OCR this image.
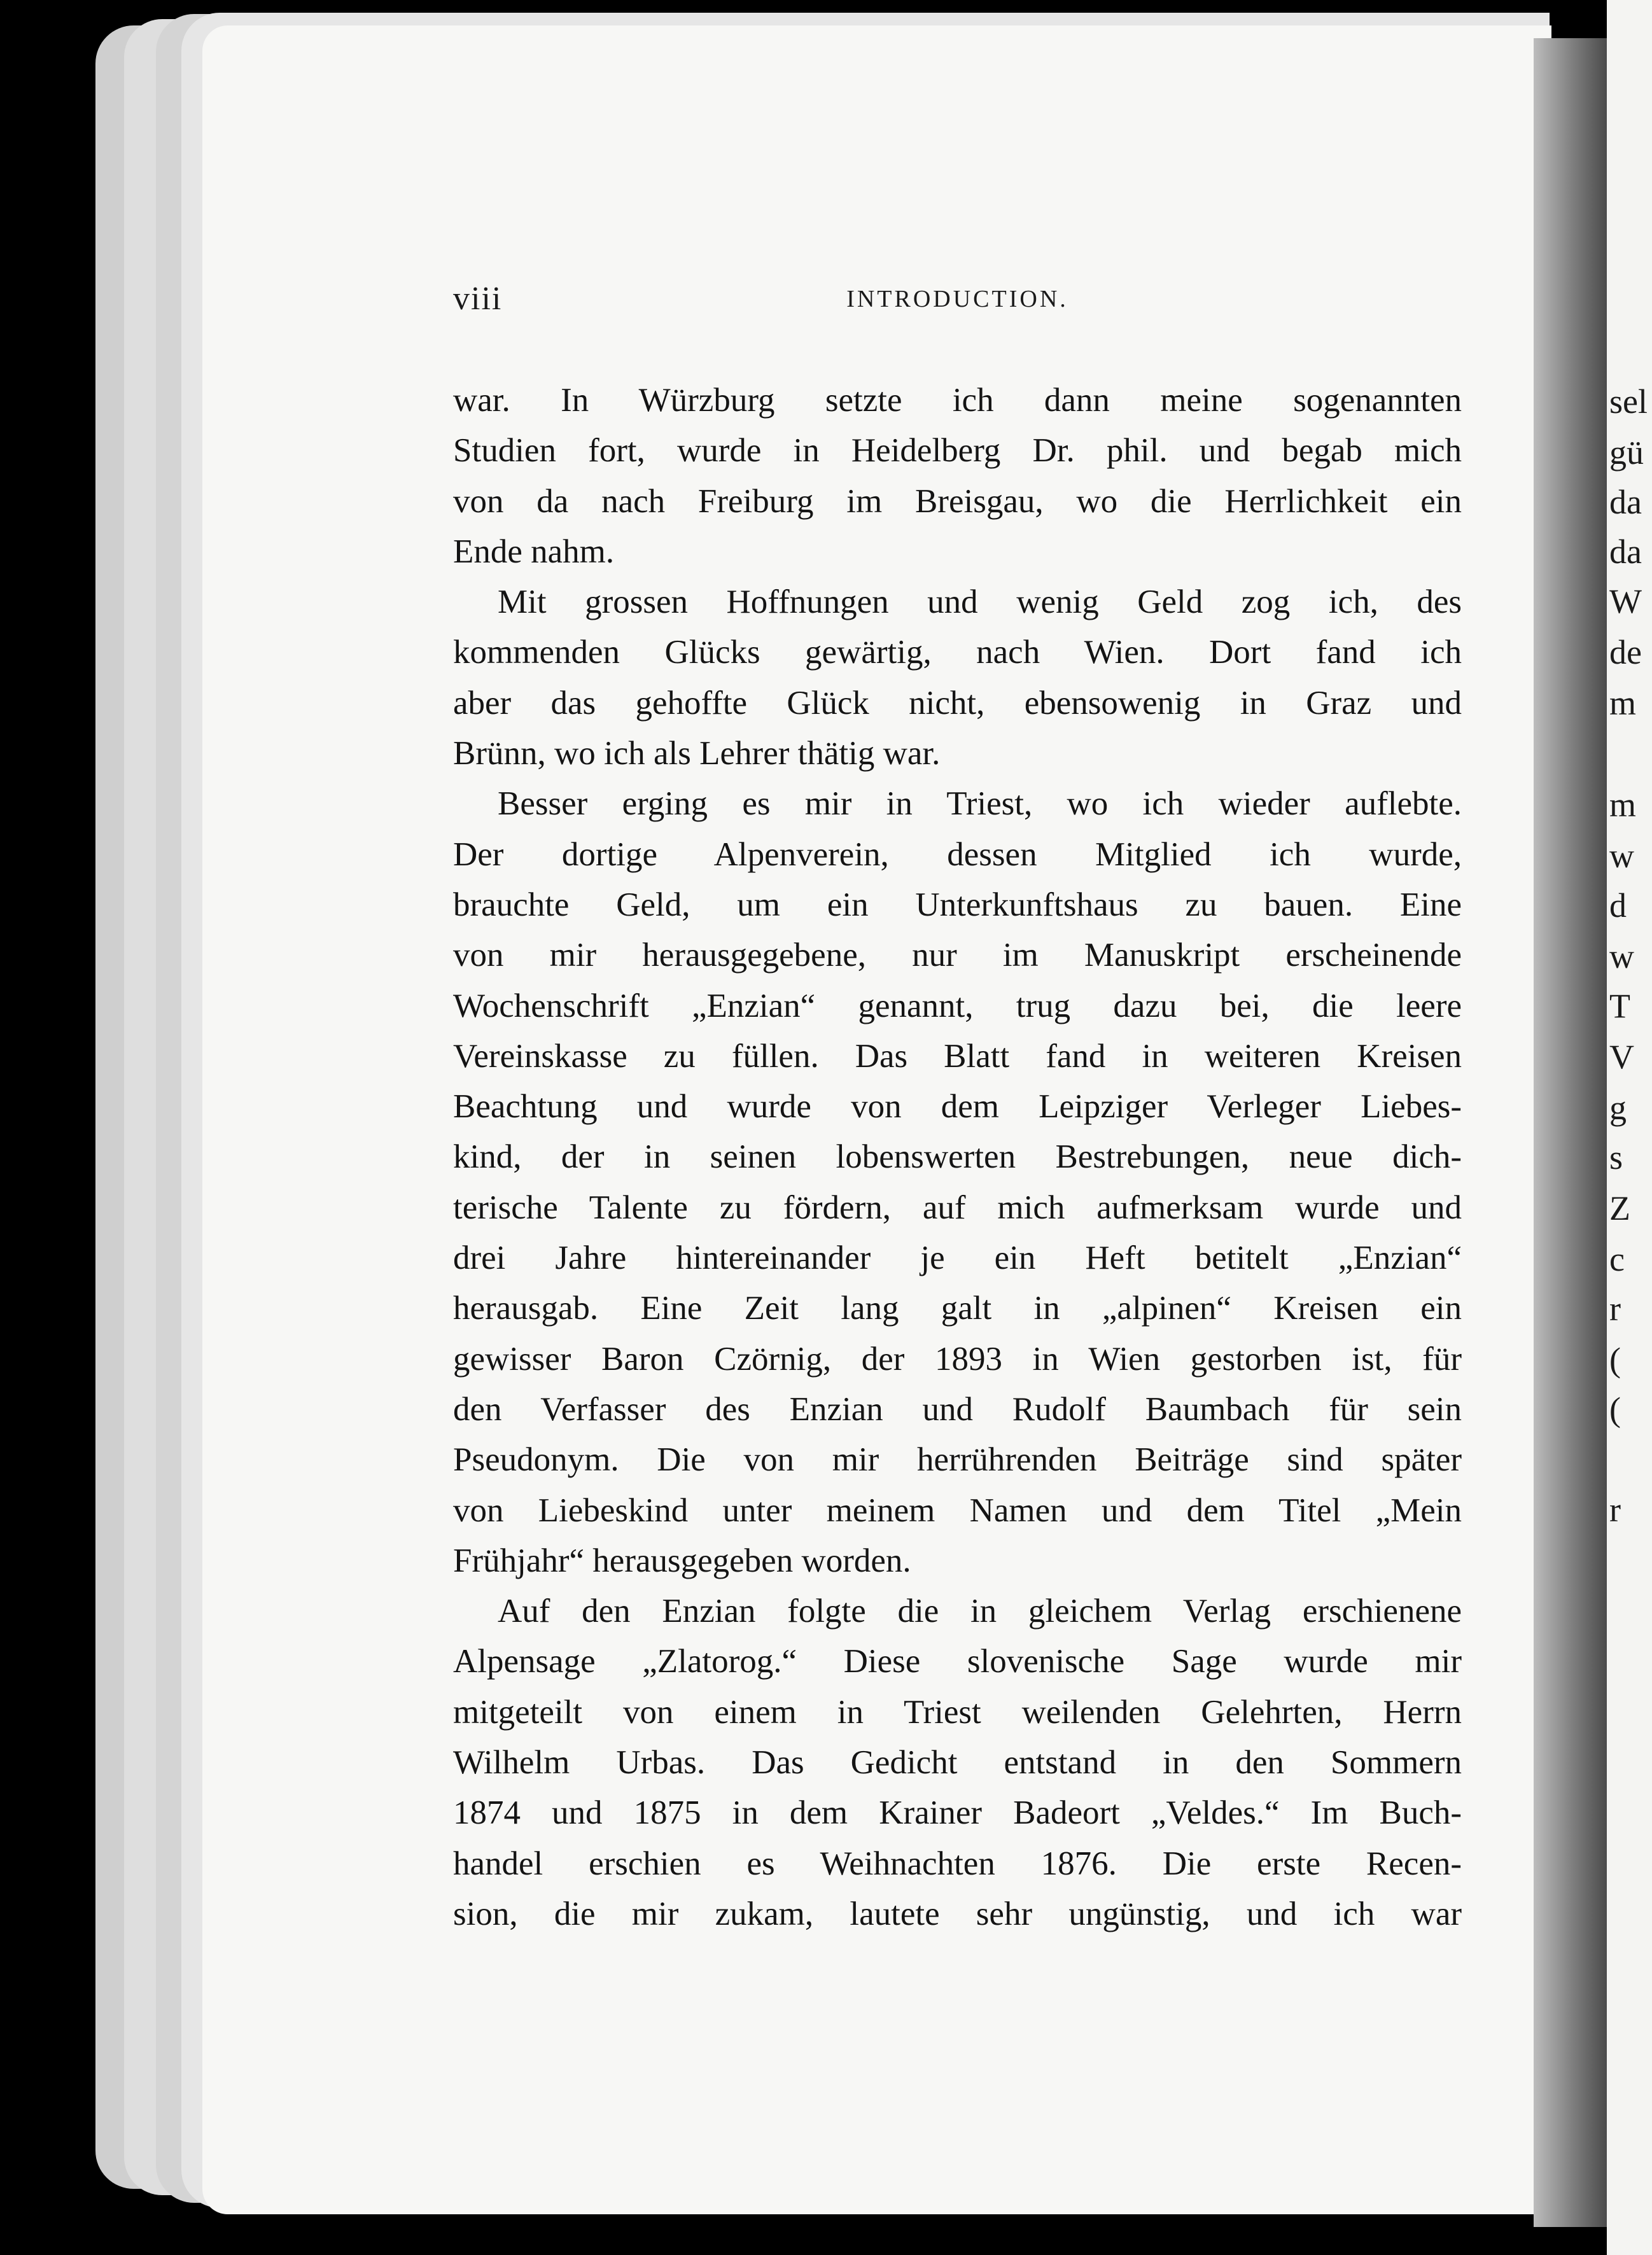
sel
gü
da
da
W
de
m
m
w
d
w
T
V
g
s
Z
c
r
(
(
r
viii	INTRODUCTION.
war. In Würzburg setzte ich dann meine sogenannten
Studien fort, wurde in Heidelberg Dr. phil. und begab mich
von da nach Freiburg im Breisgau, wo die Herrlichkeit ein
Ende nahm.
Mit grossen Hoffnungen und wenig Geld zog ich, des
kommenden Glücks gewärtig, nach Wien. Dort fand ich
aber das gehoffte Glück nicht, ebensowenig in Graz und
Brünn, wo ich als Lehrer thätig war.
Besser erging es mir in Triest, wo ich wieder auflebte.
Der dortige Alpenverein, dessen Mitglied ich wurde,
brauchte Geld, um ein Unterkunftshaus zu bauen. Eine
von mir herausgegebene, nur im Manuskript erscheinende
Wochenschrift „Enzian“ genannt, trug dazu bei, die leere
Vereinskasse zu füllen. Das Blatt fand in weiteren Kreisen
Beachtung und wurde von dem Leipziger Verleger Liebes-
kind, der in seinen lobenswerten Bestrebungen, neue dich-
terische Talente zu fördern, auf mich aufmerksam wurde und
drei Jahre hintereinander je ein Heft betitelt „Enzian“
herausgab. Eine Zeit lang galt in „alpinen“ Kreisen ein
gewisser Baron Czörnig, der 1893 in Wien gestorben ist, für
den Verfasser des Enzian und Rudolf Baumbach für sein
Pseudonym. Die von mir herrührenden Beiträge sind später
von Liebeskind unter meinem Namen und dem Titel „Mein
Frühjahr“ herausgegeben worden.
Auf den Enzian folgte die in gleichem Verlag erschienene
Alpensage „Zlatorog.“ Diese slovenische Sage wurde mir
mitgeteilt von einem in Triest weilenden Gelehrten, Herrn
Wilhelm Urbas. Das Gedicht entstand in den Sommern
1874 und 1875 in dem Krainer Badeort „Veldes.“ Im Buch-
handel erschien es Weihnachten 1876. Die erste Recen-
sion, die mir zukam, lautete sehr ungünstig, und ich war
